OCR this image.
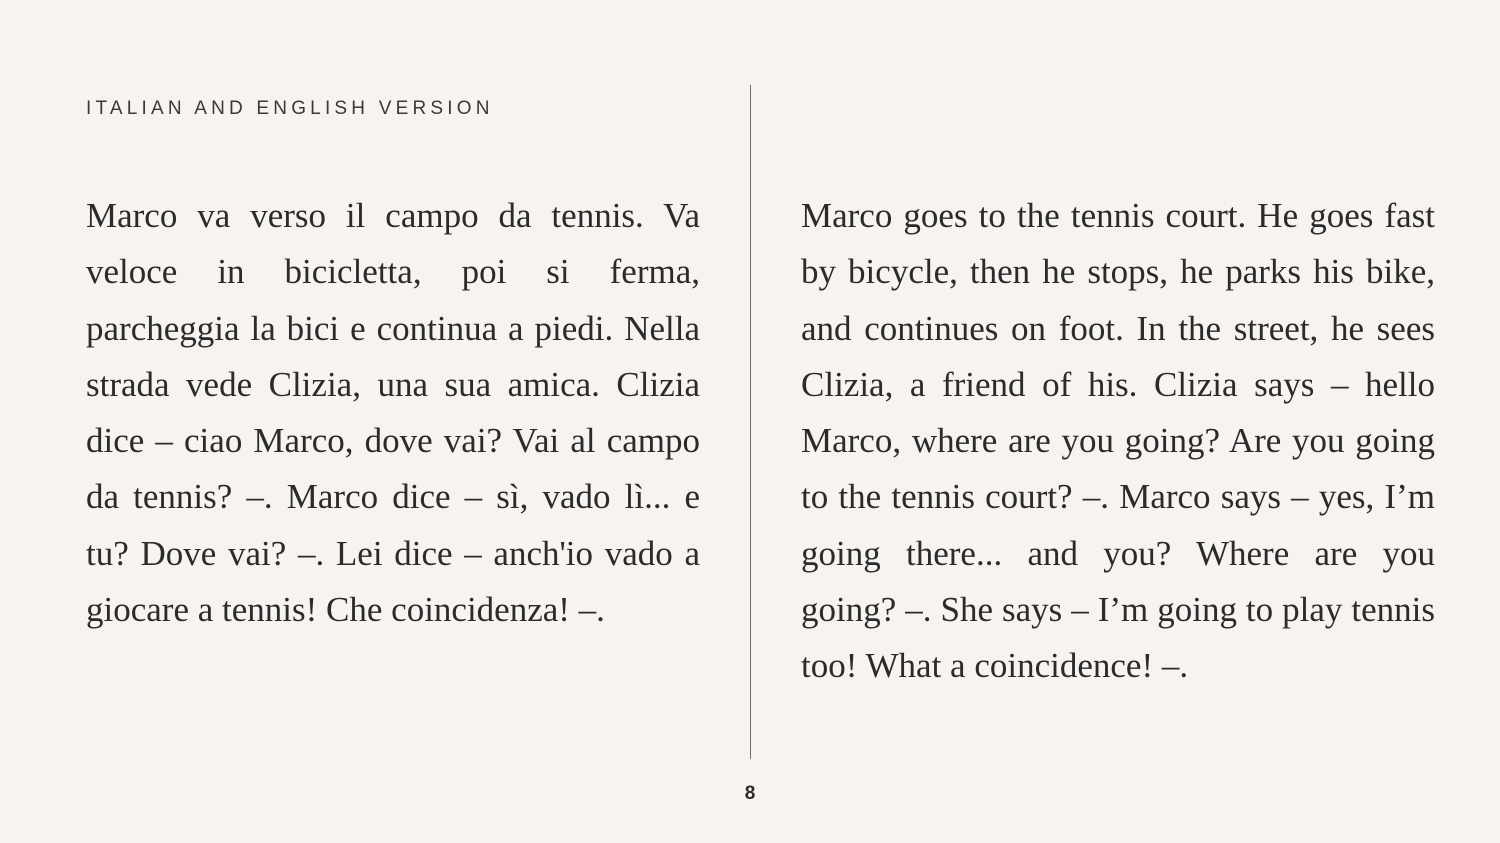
ITALIAN AND ENGLISH VERSION

Marco va verso il campo da tennis. Va veloce in bicicletta, poi si ferma, parcheggia la bici e continua a piedi. Nella strada vede Clizia, una sua amica. Clizia dice – ciao Marco, dove vai? Vai al campo da tennis? –. Marco dice – sì, vado lì... e tu? Dove vai? –. Lei dice – anch'io vado a giocare a tennis! Che coincidenza! –.

Marco goes to the tennis court. He goes fast by bicycle, then he stops, he parks his bike, and continues on foot. In the street, he sees Clizia, a friend of his. Clizia says – hello Marco, where are you going? Are you going to the tennis court? –. Marco says – yes, I’m going there... and you? Where are you going? –. She says – I’m going to play tennis too! What a coincidence! –.

8
